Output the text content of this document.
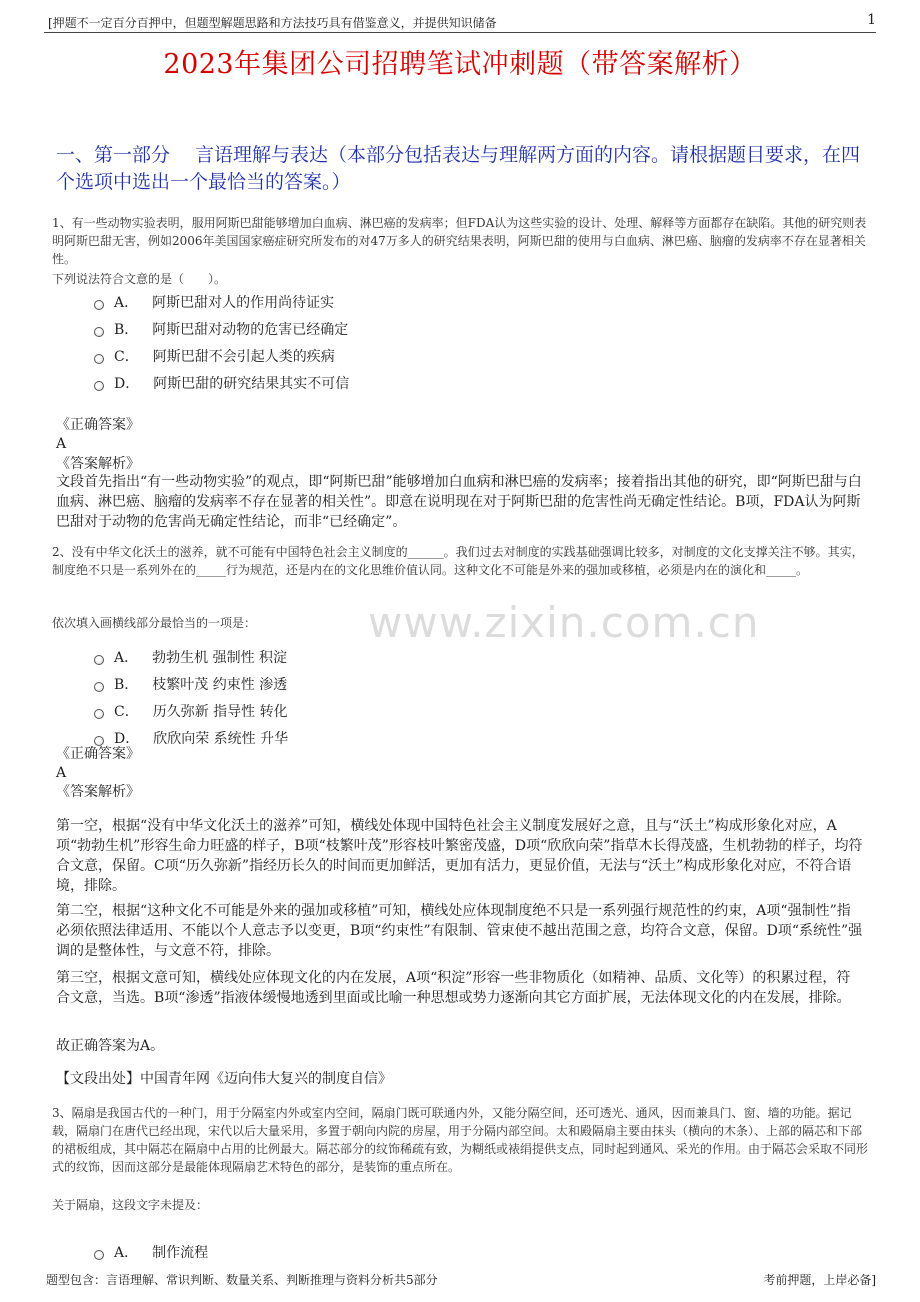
[押题不一定百分百押中，但题型解题思路和方法技巧具有借鉴意义，并提供知识储备	1
2023年集团公司招聘笔试冲刺题（带答案解析）
一、第一部分　 言语理解与表达（本部分包括表达与理解两方面的内容。请根据题目要求，在四个选项中选出一个最恰当的答案。）
www.zixin.com.cn
1、有一些动物实验表明，服用阿斯巴甜能够增加白血病、淋巴癌的发病率；但FDA认为这些实验的设计、处理、解释等方面都存在缺陷。其他的研究则表明阿斯巴甜无害，例如2006年美国国家癌症研究所发布的对47万多人的研究结果表明，阿斯巴甜的使用与白血病、淋巴癌、脑瘤的发病率不存在显著相关性。
下列说法符合文意的是（　　）。
A． 阿斯巴甜对人的作用尚待证实
B． 阿斯巴甜对动物的危害已经确定
C． 阿斯巴甜不会引起人类的疾病
D． 阿斯巴甜的研究结果其实不可信
《正确答案》
A
《答案解析》
文段首先指出“有一些动物实验”的观点，即“阿斯巴甜”能够增加白血病和淋巴癌的发病率；接着指出其他的研究，即“阿斯巴甜与白血病、淋巴癌、脑瘤的发病率不存在显著的相关性”。即意在说明现在对于阿斯巴甜的危害性尚无确定性结论。B项，FDA认为阿斯巴甜对于动物的危害尚无确定性结论，而非“已经确定”。
2、没有中华文化沃土的滋养，就不可能有中国特色社会主义制度的______。我们过去对制度的实践基础强调比较多，对制度的文化支撑关注不够。其实，制度绝不只是一系列外在的_____行为规范，还是内在的文化思维价值认同。这种文化不可能是外来的强加或移植，必须是内在的演化和_____。
依次填入画横线部分最恰当的一项是：
A． 勃勃生机 强制性 积淀
B． 枝繁叶茂 约束性 渗透
C． 历久弥新 指导性 转化
D． 欣欣向荣 系统性 升华
《正确答案》
A
《答案解析》
第一空，根据“没有中华文化沃土的滋养”可知，横线处体现中国特色社会主义制度发展好之意，且与“沃土”构成形象化对应，A项“勃勃生机”形容生命力旺盛的样子，B项“枝繁叶茂”形容枝叶繁密茂盛，D项“欣欣向荣”指草木长得茂盛，生机勃勃的样子，均符合文意，保留。C项“历久弥新”指经历长久的时间而更加鲜活，更加有活力，更显价值，无法与“沃土”构成形象化对应，不符合语境，排除。
第二空，根据“这种文化不可能是外来的强加或移植”可知，横线处应体现制度绝不只是一系列强行规范性的约束，A项“强制性”指必须依照法律适用、不能以个人意志予以变更，B项“约束性”有限制、管束使不越出范围之意，均符合文意，保留。D项“系统性”强调的是整体性，与文意不符，排除。
第三空，根据文意可知，横线处应体现文化的内在发展，A项“积淀”形容一些非物质化（如精神、品质、文化等）的积累过程，符合文意，当选。B项“渗透”指液体缓慢地透到里面或比喻一种思想或势力逐渐向其它方面扩展，无法体现文化的内在发展，排除。
故正确答案为A。
【文段出处】中国青年网《迈向伟大复兴的制度自信》
3、隔扇是我国古代的一种门，用于分隔室内外或室内空间，隔扇门既可联通内外，又能分隔空间，还可透光、通风，因而兼具门、窗、墙的功能。据记载，隔扇门在唐代已经出现，宋代以后大量采用，多置于朝向内院的房屋，用于分隔内部空间。太和殿隔扇主要由抹头（横向的木条）、上部的隔芯和下部的裙板组成，其中隔芯在隔扇中占用的比例最大。隔芯部分的纹饰稀疏有致，为糊纸或裱绢提供支点，同时起到通风、采光的作用。由于隔芯会采取不同形式的纹饰，因而这部分是最能体现隔扇艺术特色的部分，是装饰的重点所在。
关于隔扇，这段文字未提及：
A． 制作流程
题型包含：言语理解、常识判断、数量关系、判断推理与资料分析共5部分	考前押题，上岸必备]
